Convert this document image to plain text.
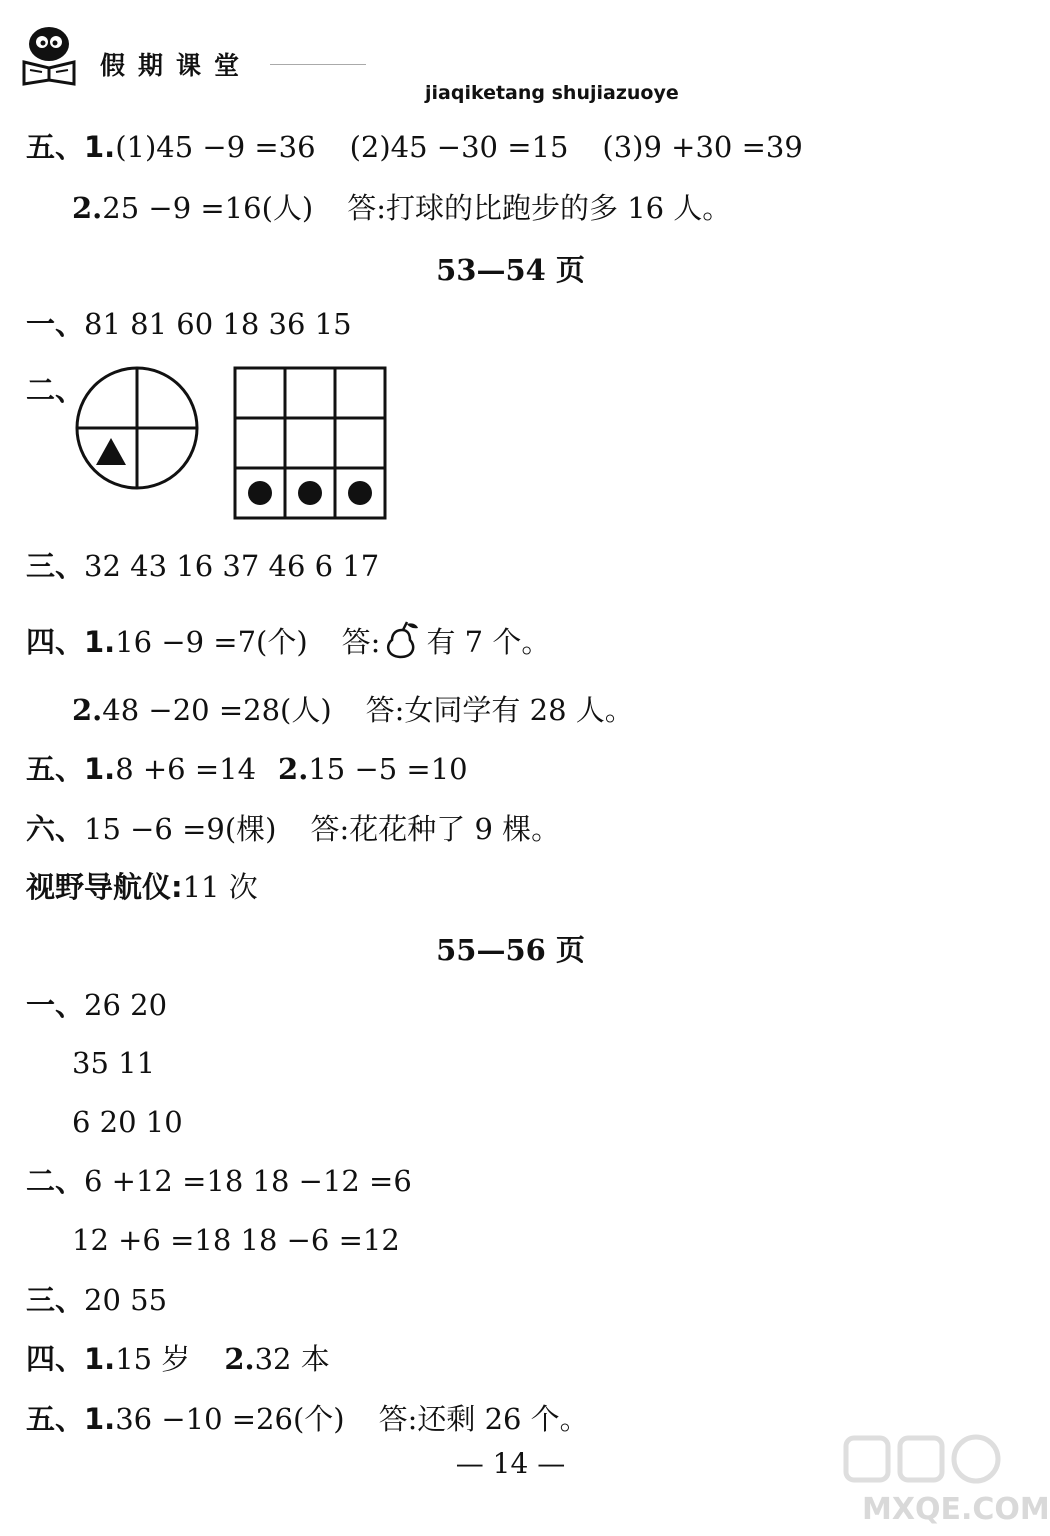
假期课堂
jiaqiketang shujiazuoye
五、1.(1)45 −9 =36 (2)45 −30 =15 (3)9 +30 =39
2.25 −9 =16(人) 答:打球的比跑步的多 16 人。
53—54 页
一、81 81 60 18 36 15
二、
三、32 43 16 37 46 6 17
四、1.16 −9 =7(个) 答: 有 7 个。
2.48 −20 =28(人) 答:女同学有 28 人。
五、1.8 +6 =14 2.15 −5 =10
六、15 −6 =9(棵) 答:花花种了 9 棵。
视野导航仪:11 次
55—56 页
一、26 20
35 11
6 20 10
二、6 +12 =18 18 −12 =6
12 +6 =18 18 −6 =12
三、20 55
四、1.15 岁 2.32 本
五、1.36 −10 =26(个) 答:还剩 26 个。
— 14 —
MXQE.COM
